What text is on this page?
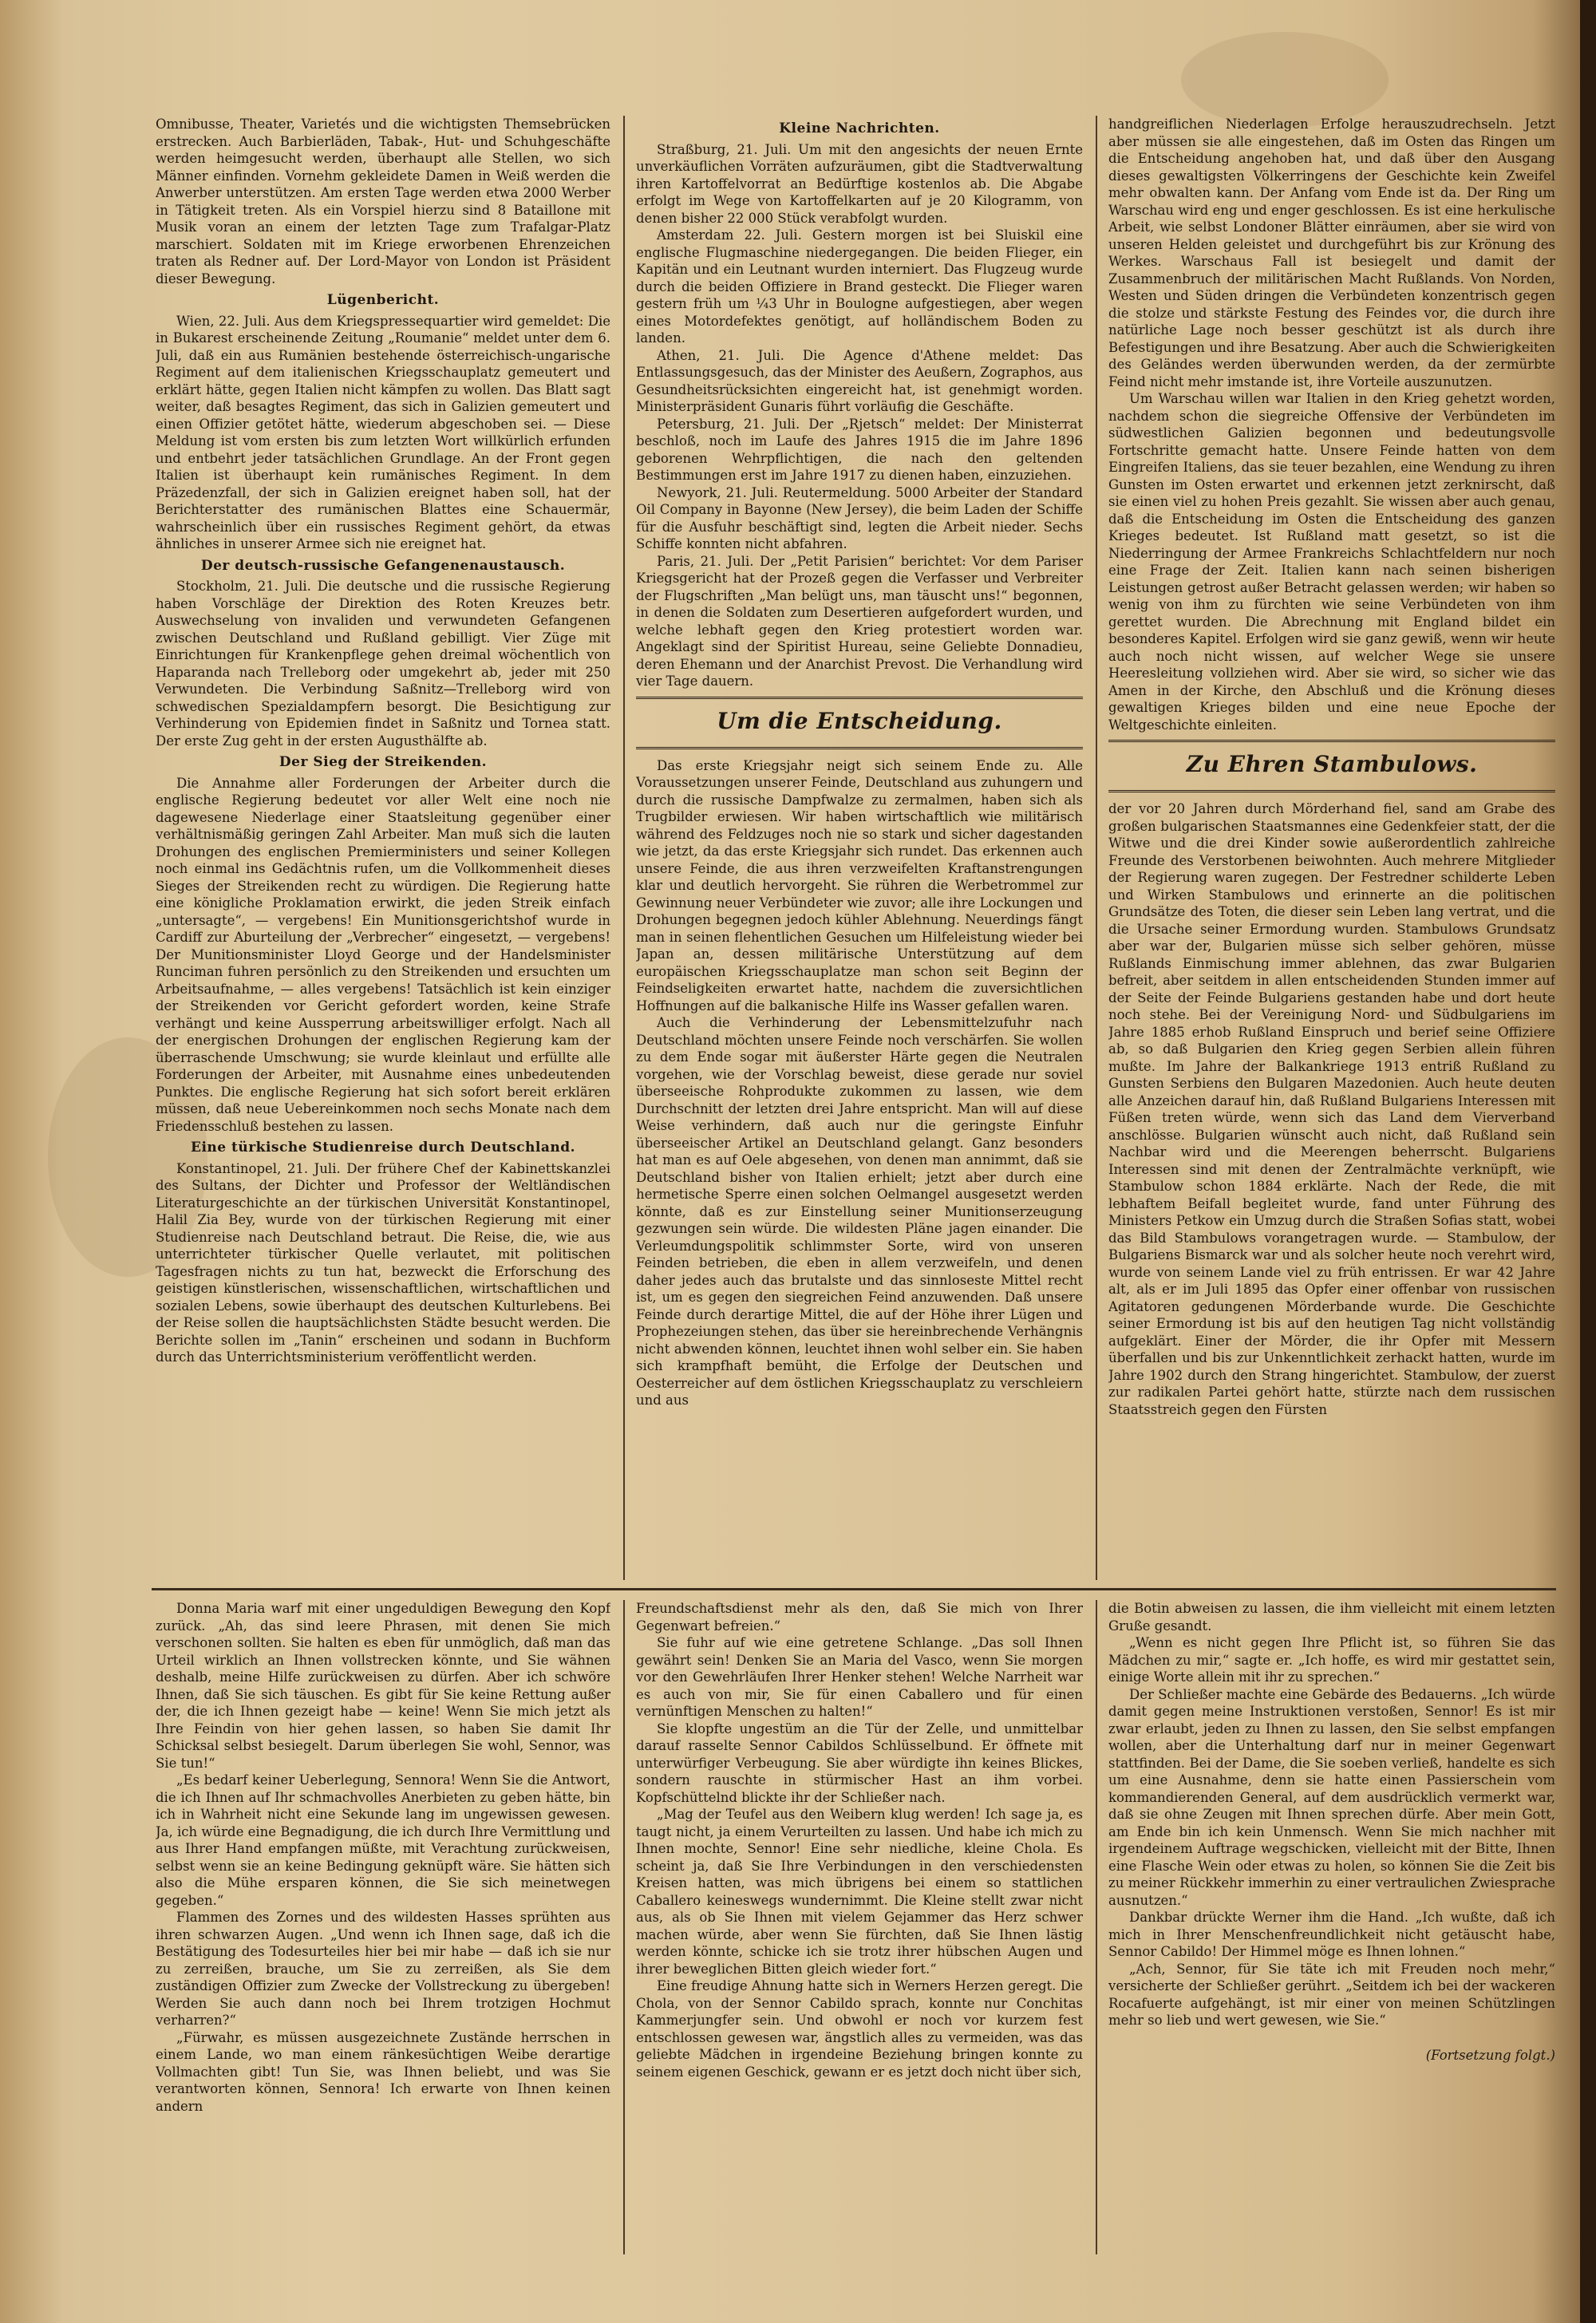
Omnibusse, Theater, Varietés und die wichtigsten Themsebrücken erstrecken. Auch Barbierläden, Tabak-, Hut- und Schuhgeschäfte werden heimgesucht werden, überhaupt alle Stellen, wo sich Männer einfinden. Vornehm gekleidete Damen in Weiß werden die Anwerber unterstützen. Am ersten Tage werden etwa 2000 Werber in Tätigkeit treten. Als ein Vorspiel hierzu sind 8 Bataillone mit Musik voran an einem der letzten Tage zum Trafalgar-Platz marschiert. Soldaten mit im Kriege erworbenen Ehrenzeichen traten als Redner auf. Der Lord-Mayor von London ist Präsident dieser Bewegung.

Lügenbericht.

Wien, 22. Juli. Aus dem Kriegspressequartier wird gemeldet: Die in Bukarest erscheinende Zeitung „Roumanie“ meldet unter dem 6. Juli, daß ein aus Rumänien bestehende österreichisch-ungarische Regiment auf dem italienischen Kriegsschauplatz gemeutert und erklärt hätte, gegen Italien nicht kämpfen zu wollen. Das Blatt sagt weiter, daß besagtes Regiment, das sich in Galizien gemeutert und einen Offizier getötet hätte, wiederum abgeschoben sei. — Diese Meldung ist vom ersten bis zum letzten Wort willkürlich erfunden und entbehrt jeder tatsächlichen Grundlage. An der Front gegen Italien ist überhaupt kein rumänisches Regiment. In dem Präzedenzfall, der sich in Galizien ereignet haben soll, hat der Berichterstatter des rumänischen Blattes eine Schauermär, wahrscheinlich über ein russisches Regiment gehört, da etwas ähnliches in unserer Armee sich nie ereignet hat.

Der deutsch-russische Gefangenenaustausch.

Stockholm, 21. Juli. Die deutsche und die russische Regierung haben Vorschläge der Direktion des Roten Kreuzes betr. Auswechselung von invaliden und verwundeten Gefangenen zwischen Deutschland und Rußland gebilligt. Vier Züge mit Einrichtungen für Krankenpflege gehen dreimal wöchentlich von Haparanda nach Trelleborg oder umgekehrt ab, jeder mit 250 Verwundeten. Die Verbindung Saßnitz—Trelleborg wird von schwedischen Spezialdampfern besorgt. Die Besichtigung zur Verhinderung von Epidemien findet in Saßnitz und Tornea statt. Der erste Zug geht in der ersten Augusthälfte ab.

Der Sieg der Streikenden.

Die Annahme aller Forderungen der Arbeiter durch die englische Regierung bedeutet vor aller Welt eine noch nie dagewesene Niederlage einer Staatsleitung gegenüber einer verhältnismäßig geringen Zahl Arbeiter. Man muß sich die lauten Drohungen des englischen Premierministers und seiner Kollegen noch einmal ins Gedächtnis rufen, um die Vollkommenheit dieses Sieges der Streikenden recht zu würdigen. Die Regierung hatte eine königliche Proklamation erwirkt, die jeden Streik einfach „untersagte“, — vergebens! Ein Munitionsgerichtshof wurde in Cardiff zur Aburteilung der „Verbrecher“ eingesetzt, — vergebens! Der Munitionsminister Lloyd George und der Handelsminister Runciman fuhren persönlich zu den Streikenden und ersuchten um Arbeitsaufnahme, — alles vergebens! Tatsächlich ist kein einziger der Streikenden vor Gericht gefordert worden, keine Strafe verhängt und keine Aussperrung arbeitswilliger erfolgt. Nach all der energischen Drohungen der englischen Regierung kam der überraschende Umschwung; sie wurde kleinlaut und erfüllte alle Forderungen der Arbeiter, mit Ausnahme eines unbedeutenden Punktes. Die englische Regierung hat sich sofort bereit erklären müssen, daß neue Uebereinkommen noch sechs Monate nach dem Friedensschluß bestehen zu lassen.

Eine türkische Studienreise durch Deutschland.

Konstantinopel, 21. Juli. Der frühere Chef der Kabinettskanzlei des Sultans, der Dichter und Professor der Weltländischen Literaturgeschichte an der türkischen Universität Konstantinopel, Halil Zia Bey, wurde von der türkischen Regierung mit einer Studienreise nach Deutschland betraut. Die Reise, die, wie aus unterrichteter türkischer Quelle verlautet, mit politischen Tagesfragen nichts zu tun hat, bezweckt die Erforschung des geistigen künstlerischen, wissenschaftlichen, wirtschaftlichen und sozialen Lebens, sowie überhaupt des deutschen Kulturlebens. Bei der Reise sollen die hauptsächlichsten Städte besucht werden. Die Berichte sollen im „Tanin“ erscheinen und sodann in Buchform durch das Unterrichtsministerium veröffentlicht werden.

Kleine Nachrichten.

Straßburg, 21. Juli. Um mit den angesichts der neuen Ernte unverkäuflichen Vorräten aufzuräumen, gibt die Stadtverwaltung ihren Kartoffelvorrat an Bedürftige kostenlos ab. Die Abgabe erfolgt im Wege von Kartoffelkarten auf je 20 Kilogramm, von denen bisher 22 000 Stück verabfolgt wurden.

Amsterdam 22. Juli. Gestern morgen ist bei Sluiskil eine englische Flugmaschine niedergegangen. Die beiden Flieger, ein Kapitän und ein Leutnant wurden interniert. Das Flugzeug wurde durch die beiden Offiziere in Brand gesteckt. Die Flieger waren gestern früh um ¼3 Uhr in Boulogne aufgestiegen, aber wegen eines Motordefektes genötigt, auf holländischem Boden zu landen.

Athen, 21. Juli. Die Agence d'Athene meldet: Das Entlassungsgesuch, das der Minister des Aeußern, Zographos, aus Gesundheitsrücksichten eingereicht hat, ist genehmigt worden. Ministerpräsident Gunaris führt vorläufig die Geschäfte.

Petersburg, 21. Juli. Der „Rjetsch“ meldet: Der Ministerrat beschloß, noch im Laufe des Jahres 1915 die im Jahre 1896 geborenen Wehrpflichtigen, die nach den geltenden Bestimmungen erst im Jahre 1917 zu dienen haben, einzuziehen.

Newyork, 21. Juli. Reutermeldung. 5000 Arbeiter der Standard Oil Company in Bayonne (New Jersey), die beim Laden der Schiffe für die Ausfuhr beschäftigt sind, legten die Arbeit nieder. Sechs Schiffe konnten nicht abfahren.

Paris, 21. Juli. Der „Petit Parisien“ berichtet: Vor dem Pariser Kriegsgericht hat der Prozeß gegen die Verfasser und Verbreiter der Flugschriften „Man belügt uns, man täuscht uns!“ begonnen, in denen die Soldaten zum Desertieren aufgefordert wurden, und welche lebhaft gegen den Krieg protestiert worden war. Angeklagt sind der Spiritist Hureau, seine Geliebte Donnadieu, deren Ehemann und der Anarchist Prevost. Die Verhandlung wird vier Tage dauern.

Um die Entscheidung.

Das erste Kriegsjahr neigt sich seinem Ende zu. Alle Voraussetzungen unserer Feinde, Deutschland aus zuhungern und durch die russische Dampfwalze zu zermalmen, haben sich als Trugbilder erwiesen. Wir haben wirtschaftlich wie militärisch während des Feldzuges noch nie so stark und sicher dagestanden wie jetzt, da das erste Kriegsjahr sich rundet. Das erkennen auch unsere Feinde, die aus ihren verzweifelten Kraftanstrengungen klar und deutlich hervorgeht. Sie rühren die Werbetrommel zur Gewinnung neuer Verbündeter wie zuvor; alle ihre Lockungen und Drohungen begegnen jedoch kühler Ablehnung. Neuerdings fängt man in seinen flehentlichen Gesuchen um Hilfeleistung wieder bei Japan an, dessen militärische Unterstützung auf dem europäischen Kriegsschauplatze man schon seit Beginn der Feindseligkeiten erwartet hatte, nachdem die zuversichtlichen Hoffnungen auf die balkanische Hilfe ins Wasser gefallen waren.

Auch die Verhinderung der Lebensmittelzufuhr nach Deutschland möchten unsere Feinde noch verschärfen. Sie wollen zu dem Ende sogar mit äußerster Härte gegen die Neutralen vorgehen, wie der Vorschlag beweist, diese gerade nur soviel überseeische Rohprodukte zukommen zu lassen, wie dem Durchschnitt der letzten drei Jahre entspricht. Man will auf diese Weise verhindern, daß auch nur die geringste Einfuhr überseeischer Artikel an Deutschland gelangt. Ganz besonders hat man es auf Oele abgesehen, von denen man annimmt, daß sie Deutschland bisher von Italien erhielt; jetzt aber durch eine hermetische Sperre einen solchen Oelmangel ausgesetzt werden könnte, daß es zur Einstellung seiner Munitionserzeugung gezwungen sein würde. Die wildesten Pläne jagen einander. Die Verleumdungspolitik schlimmster Sorte, wird von unseren Feinden betrieben, die eben in allem verzweifeln, und denen daher jedes auch das brutalste und das sinnloseste Mittel recht ist, um es gegen den siegreichen Feind anzuwenden. Daß unsere Feinde durch derartige Mittel, die auf der Höhe ihrer Lügen und Prophezeiungen stehen, das über sie hereinbrechende Verhängnis nicht abwenden können, leuchtet ihnen wohl selber ein. Sie haben sich krampfhaft bemüht, die Erfolge der Deutschen und Oesterreicher auf dem östlichen Kriegsschauplatz zu verschleiern und aus

handgreiflichen Niederlagen Erfolge herauszudrechseln. Jetzt aber müssen sie alle eingestehen, daß im Osten das Ringen um die Entscheidung angehoben hat, und daß über den Ausgang dieses gewaltigsten Völkerringens der Geschichte kein Zweifel mehr obwalten kann. Der Anfang vom Ende ist da. Der Ring um Warschau wird eng und enger geschlossen. Es ist eine herkulische Arbeit, wie selbst Londoner Blätter einräumen, aber sie wird von unseren Helden geleistet und durchgeführt bis zur Krönung des Werkes. Warschaus Fall ist besiegelt und damit der Zusammenbruch der militärischen Macht Rußlands. Von Norden, Westen und Süden dringen die Verbündeten konzentrisch gegen die stolze und stärkste Festung des Feindes vor, die durch ihre natürliche Lage noch besser geschützt ist als durch ihre Befestigungen und ihre Besatzung. Aber auch die Schwierigkeiten des Geländes werden überwunden werden, da der zermürbte Feind nicht mehr imstande ist, ihre Vorteile auszunutzen.

Um Warschau willen war Italien in den Krieg gehetzt worden, nachdem schon die siegreiche Offensive der Verbündeten im südwestlichen Galizien begonnen und bedeutungsvolle Fortschritte gemacht hatte. Unsere Feinde hatten von dem Eingreifen Italiens, das sie teuer bezahlen, eine Wendung zu ihren Gunsten im Osten erwartet und erkennen jetzt zerknirscht, daß sie einen viel zu hohen Preis gezahlt. Sie wissen aber auch genau, daß die Entscheidung im Osten die Entscheidung des ganzen Krieges bedeutet. Ist Rußland matt gesetzt, so ist die Niederringung der Armee Frankreichs Schlachtfeldern nur noch eine Frage der Zeit. Italien kann nach seinen bisherigen Leistungen getrost außer Betracht gelassen werden; wir haben so wenig von ihm zu fürchten wie seine Verbündeten von ihm gerettet wurden. Die Abrechnung mit England bildet ein besonderes Kapitel. Erfolgen wird sie ganz gewiß, wenn wir heute auch noch nicht wissen, auf welcher Wege sie unsere Heeresleitung vollziehen wird. Aber sie wird, so sicher wie das Amen in der Kirche, den Abschluß und die Krönung dieses gewaltigen Krieges bilden und eine neue Epoche der Weltgeschichte einleiten.

Zu Ehren Stambulows.

der vor 20 Jahren durch Mörderhand fiel, sand am Grabe des großen bulgarischen Staatsmannes eine Gedenkfeier statt, der die Witwe und die drei Kinder sowie außerordentlich zahlreiche Freunde des Verstorbenen beiwohnten. Auch mehrere Mitglieder der Regierung waren zugegen. Der Festredner schilderte Leben und Wirken Stambulows und erinnerte an die politischen Grundsätze des Toten, die dieser sein Leben lang vertrat, und die die Ursache seiner Ermordung wurden. Stambulows Grundsatz aber war der, Bulgarien müsse sich selber gehören, müsse Rußlands Einmischung immer ablehnen, das zwar Bulgarien befreit, aber seitdem in allen entscheidenden Stunden immer auf der Seite der Feinde Bulgariens gestanden habe und dort heute noch stehe. Bei der Vereinigung Nord- und Südbulgariens im Jahre 1885 erhob Rußland Einspruch und berief seine Offiziere ab, so daß Bulgarien den Krieg gegen Serbien allein führen mußte. Im Jahre der Balkankriege 1913 entriß Rußland zu Gunsten Serbiens den Bulgaren Mazedonien. Auch heute deuten alle Anzeichen darauf hin, daß Rußland Bulgariens Interessen mit Füßen treten würde, wenn sich das Land dem Vierverband anschlösse. Bulgarien wünscht auch nicht, daß Rußland sein Nachbar wird und die Meerengen beherrscht. Bulgariens Interessen sind mit denen der Zentralmächte verknüpft, wie Stambulow schon 1884 erklärte. Nach der Rede, die mit lebhaftem Beifall begleitet wurde, fand unter Führung des Ministers Petkow ein Umzug durch die Straßen Sofias statt, wobei das Bild Stambulows vorangetragen wurde. — Stambulow, der Bulgariens Bismarck war und als solcher heute noch verehrt wird, wurde von seinem Lande viel zu früh entrissen. Er war 42 Jahre alt, als er im Juli 1895 das Opfer einer offenbar von russischen Agitatoren gedungenen Mörderbande wurde. Die Geschichte seiner Ermordung ist bis auf den heutigen Tag nicht vollständig aufgeklärt. Einer der Mörder, die ihr Opfer mit Messern überfallen und bis zur Unkenntlichkeit zerhackt hatten, wurde im Jahre 1902 durch den Strang hingerichtet. Stambulow, der zuerst zur radikalen Partei gehört hatte, stürzte nach dem russischen Staatsstreich gegen den Fürsten

Donna Maria warf mit einer ungeduldigen Bewegung den Kopf zurück. „Ah, das sind leere Phrasen, mit denen Sie mich verschonen sollten. Sie halten es eben für unmöglich, daß man das Urteil wirklich an Ihnen vollstrecken könnte, und Sie wähnen deshalb, meine Hilfe zurückweisen zu dürfen. Aber ich schwöre Ihnen, daß Sie sich täuschen. Es gibt für Sie keine Rettung außer der, die ich Ihnen gezeigt habe — keine! Wenn Sie mich jetzt als Ihre Feindin von hier gehen lassen, so haben Sie damit Ihr Schicksal selbst besiegelt. Darum überlegen Sie wohl, Sennor, was Sie tun!“

„Es bedarf keiner Ueberlegung, Sennora! Wenn Sie die Antwort, die ich Ihnen auf Ihr schmachvolles Anerbieten zu geben hätte, bin ich in Wahrheit nicht eine Sekunde lang im ungewissen gewesen. Ja, ich würde eine Begnadigung, die ich durch Ihre Vermittlung und aus Ihrer Hand empfangen müßte, mit Verachtung zurückweisen, selbst wenn sie an keine Bedingung geknüpft wäre. Sie hätten sich also die Mühe ersparen können, die Sie sich meinetwegen gegeben.“

Flammen des Zornes und des wildesten Hasses sprühten aus ihren schwarzen Augen. „Und wenn ich Ihnen sage, daß ich die Bestätigung des Todesurteiles hier bei mir habe — daß ich sie nur zu zerreißen, brauche, um Sie zu zerreißen, als Sie dem zuständigen Offizier zum Zwecke der Vollstreckung zu übergeben! Werden Sie auch dann noch bei Ihrem trotzigen Hochmut verharren?“

„Fürwahr, es müssen ausgezeichnete Zustände herrschen in einem Lande, wo man einem ränkesüchtigen Weibe derartige Vollmachten gibt! Tun Sie, was Ihnen beliebt, und was Sie verantworten können, Sennora! Ich erwarte von Ihnen keinen andern

Freundschaftsdienst mehr als den, daß Sie mich von Ihrer Gegenwart befreien.“

Sie fuhr auf wie eine getretene Schlange. „Das soll Ihnen gewährt sein! Denken Sie an Maria del Vasco, wenn Sie morgen vor den Gewehrläufen Ihrer Henker stehen! Welche Narrheit war es auch von mir, Sie für einen Caballero und für einen vernünftigen Menschen zu halten!“

Sie klopfte ungestüm an die Tür der Zelle, und unmittelbar darauf rasselte Sennor Cabildos Schlüsselbund. Er öffnete mit unterwürfiger Verbeugung. Sie aber würdigte ihn keines Blickes, sondern rauschte in stürmischer Hast an ihm vorbei. Kopfschüttelnd blickte ihr der Schließer nach.

„Mag der Teufel aus den Weibern klug werden! Ich sage ja, es taugt nicht, ja einem Verurteilten zu lassen. Und habe ich mich zu Ihnen mochte, Sennor! Eine sehr niedliche, kleine Chola. Es scheint ja, daß Sie Ihre Verbindungen in den verschiedensten Kreisen hatten, was mich übrigens bei einem so stattlichen Caballero keineswegs wundernimmt. Die Kleine stellt zwar nicht aus, als ob Sie Ihnen mit vielem Gejammer das Herz schwer machen würde, aber wenn Sie fürchten, daß Sie Ihnen lästig werden könnte, schicke ich sie trotz ihrer hübschen Augen und ihrer beweglichen Bitten gleich wieder fort.“

Eine freudige Ahnung hatte sich in Werners Herzen geregt. Die Chola, von der Sennor Cabildo sprach, konnte nur Conchitas Kammerjungfer sein. Und obwohl er noch vor kurzem fest entschlossen gewesen war, ängstlich alles zu vermeiden, was das geliebte Mädchen in irgendeine Beziehung bringen konnte zu seinem eigenen Geschick, gewann er es jetzt doch nicht über sich,

die Botin abweisen zu lassen, die ihm vielleicht mit einem letzten Gruße gesandt.

„Wenn es nicht gegen Ihre Pflicht ist, so führen Sie das Mädchen zu mir,“ sagte er. „Ich hoffe, es wird mir gestattet sein, einige Worte allein mit ihr zu sprechen.“

Der Schließer machte eine Gebärde des Bedauerns. „Ich würde damit gegen meine Instruktionen verstoßen, Sennor! Es ist mir zwar erlaubt, jeden zu Ihnen zu lassen, den Sie selbst empfangen wollen, aber die Unterhaltung darf nur in meiner Gegenwart stattfinden. Bei der Dame, die Sie soeben verließ, handelte es sich um eine Ausnahme, denn sie hatte einen Passierschein vom kommandierenden General, auf dem ausdrücklich vermerkt war, daß sie ohne Zeugen mit Ihnen sprechen dürfe. Aber mein Gott, am Ende bin ich kein Unmensch. Wenn Sie mich nachher mit irgendeinem Auftrage wegschicken, vielleicht mit der Bitte, Ihnen eine Flasche Wein oder etwas zu holen, so können Sie die Zeit bis zu meiner Rückkehr immerhin zu einer vertraulichen Zwiesprache ausnutzen.“

Dankbar drückte Werner ihm die Hand. „Ich wußte, daß ich mich in Ihrer Menschenfreundlichkeit nicht getäuscht habe, Sennor Cabildo! Der Himmel möge es Ihnen lohnen.“

„Ach, Sennor, für Sie täte ich mit Freuden noch mehr,“ versicherte der Schließer gerührt. „Seitdem ich bei der wackeren Rocafuerte aufgehängt, ist mir einer von meinen Schützlingen mehr so lieb und wert gewesen, wie Sie.“

(Fortsetzung folgt.)
